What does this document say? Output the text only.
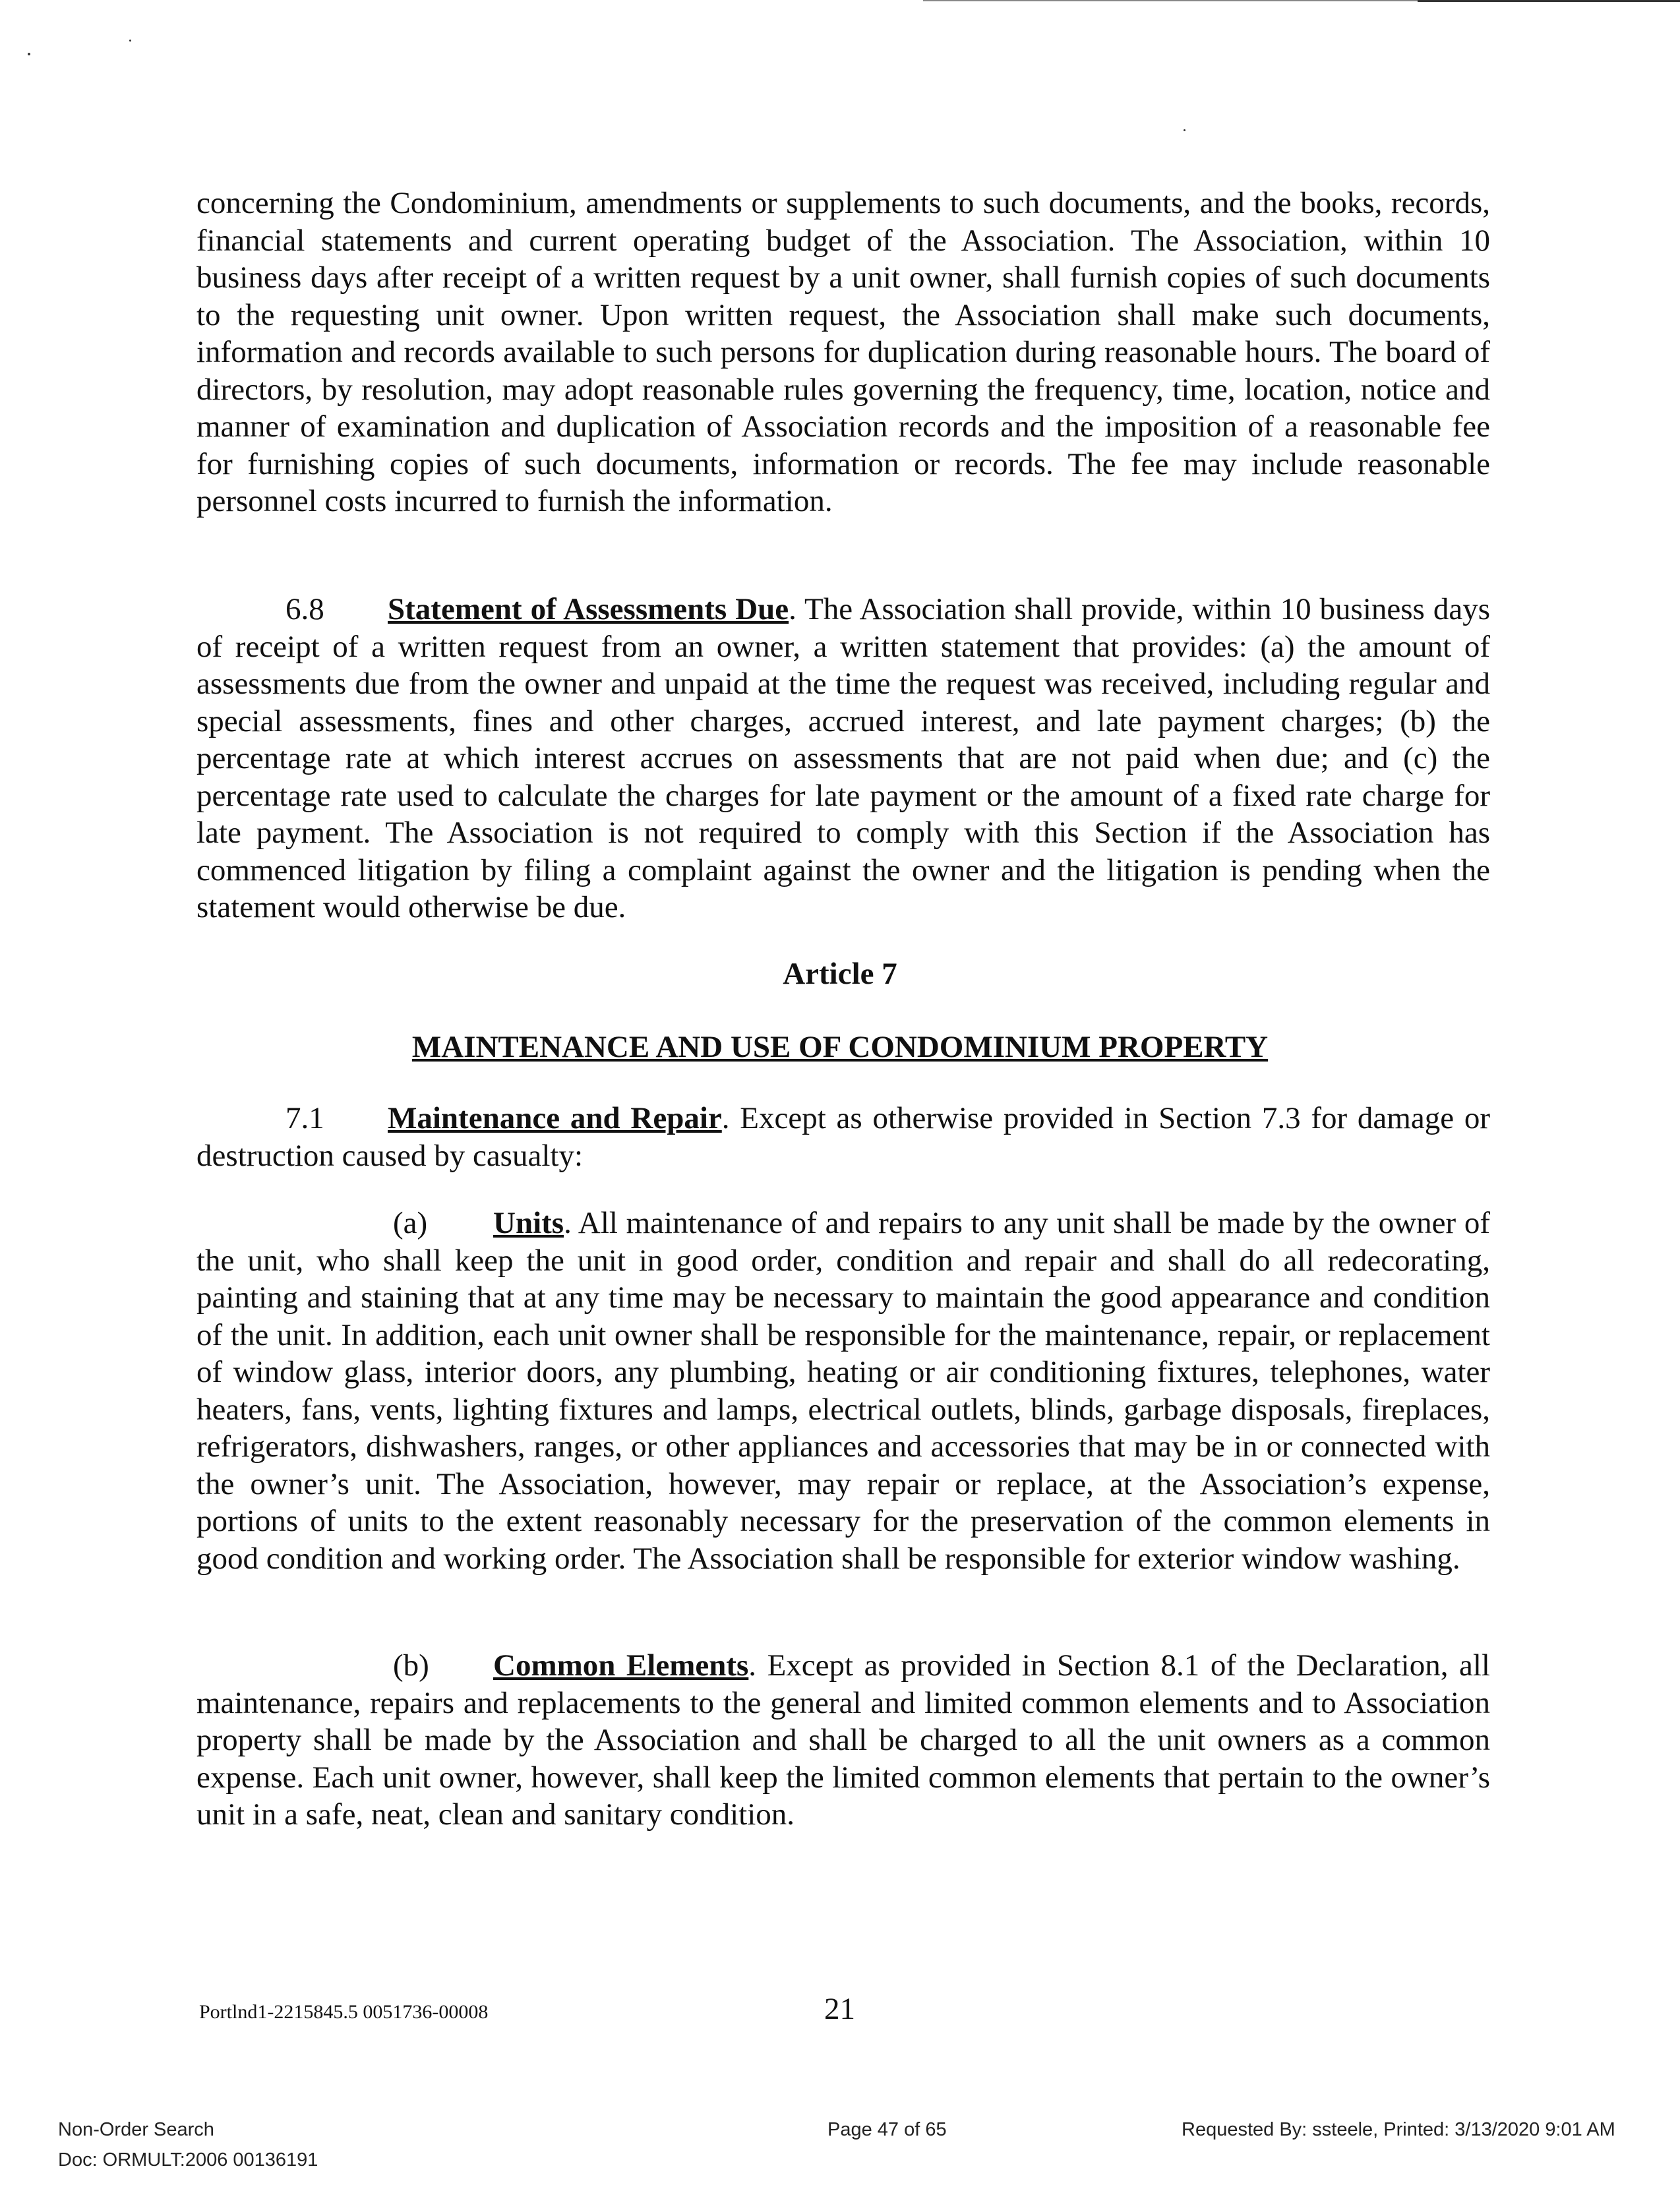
concerning the Condominium, amendments or supplements to such documents, and the books, records, financial statements and current operating budget of the Association. The Association, within 10 business days after receipt of a written request by a unit owner, shall furnish copies of such documents to the requesting unit owner. Upon written request, the Association shall make such documents, information and records available to such persons for duplication during reasonable hours. The board of directors, by resolution, may adopt reasonable rules governing the frequency, time, location, notice and manner of examination and duplication of Association records and the imposition of a reasonable fee for furnishing copies of such documents, information or records. The fee may include reasonable personnel costs incurred to furnish the information.

6.8 Statement of Assessments Due. The Association shall provide, within 10 business days of receipt of a written request from an owner, a written statement that provides: (a) the amount of assessments due from the owner and unpaid at the time the request was received, including regular and special assessments, fines and other charges, accrued interest, and late payment charges; (b) the percentage rate at which interest accrues on assessments that are not paid when due; and (c) the percentage rate used to calculate the charges for late payment or the amount of a fixed rate charge for late payment. The Association is not required to comply with this Section if the Association has commenced litigation by filing a complaint against the owner and the litigation is pending when the statement would otherwise be due.

Article 7

MAINTENANCE AND USE OF CONDOMINIUM PROPERTY

7.1 Maintenance and Repair. Except as otherwise provided in Section 7.3 for damage or destruction caused by casualty:

(a) Units. All maintenance of and repairs to any unit shall be made by the owner of the unit, who shall keep the unit in good order, condition and repair and shall do all redecorating, painting and staining that at any time may be necessary to maintain the good appearance and condition of the unit. In addition, each unit owner shall be responsible for the maintenance, repair, or replacement of window glass, interior doors, any plumbing, heating or air conditioning fixtures, telephones, water heaters, fans, vents, lighting fixtures and lamps, electrical outlets, blinds, garbage disposals, fireplaces, refrigerators, dishwashers, ranges, or other appliances and accessories that may be in or connected with the owner’s unit. The Association, however, may repair or replace, at the Association’s expense, portions of units to the extent reasonably necessary for the preservation of the common elements in good condition and working order. The Association shall be responsible for exterior window washing.

(b) Common Elements. Except as provided in Section 8.1 of the Declaration, all maintenance, repairs and replacements to the general and limited common elements and to Association property shall be made by the Association and shall be charged to all the unit owners as a common expense. Each unit owner, however, shall keep the limited common elements that pertain to the owner’s unit in a safe, neat, clean and sanitary condition.

Portlnd1-2215845.5 0051736-00008	21
Non-Order Search
Doc: ORMULT:2006 00136191
Page 47 of 65	Requested By: ssteele, Printed: 3/13/2020 9:01 AM
